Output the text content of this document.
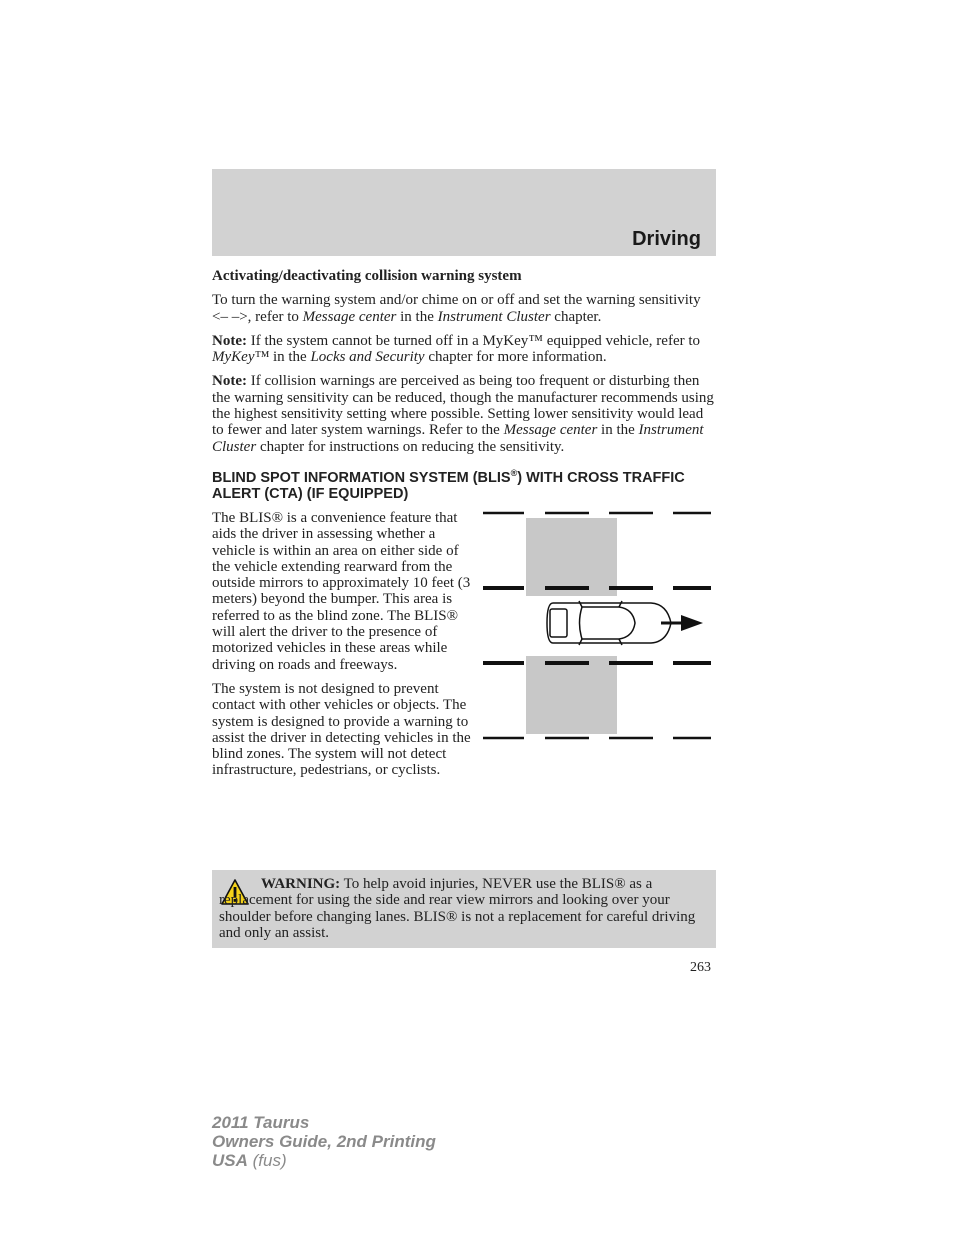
Driving
Activating/deactivating collision warning system

To turn the warning system and/or chime on or off and set the warning sensitivity <– –>, refer to Message center in the Instrument Cluster chapter.

Note: If the system cannot be turned off in a MyKey™ equipped vehicle, refer to MyKey™ in the Locks and Security chapter for more information.

Note: If collision warnings are perceived as being too frequent or disturbing then the warning sensitivity can be reduced, though the manufacturer recommends using the highest sensitivity setting where possible. Setting lower sensitivity would lead to fewer and later system warnings. Refer to the Message center in the Instrument Cluster chapter for instructions on reducing the sensitivity.

BLIND SPOT INFORMATION SYSTEM (BLIS®) WITH CROSS TRAFFIC ALERT (CTA) (IF EQUIPPED)

The BLIS® is a convenience feature that aids the driver in assessing whether a vehicle is within an area on either side of the vehicle extending rearward from the outside mirrors to approximately 10 feet (3 meters) beyond the bumper. This area is referred to as the blind zone. The BLIS® will alert the driver to the presence of motorized vehicles in these areas while driving on roads and freeways.

The system is not designed to prevent contact with other vehicles or objects. The system is designed to provide a warning to assist the driver in detecting vehicles in the blind zones. The system will not detect infrastructure, pedestrians, or cyclists.

WARNING: To help avoid injuries, NEVER use the BLIS® as a replacement for using the side and rear view mirrors and looking over your shoulder before changing lanes. BLIS® is not a replacement for careful driving and only an assist.
263
2011 Taurus
Owners Guide, 2nd Printing
USA (fus)
